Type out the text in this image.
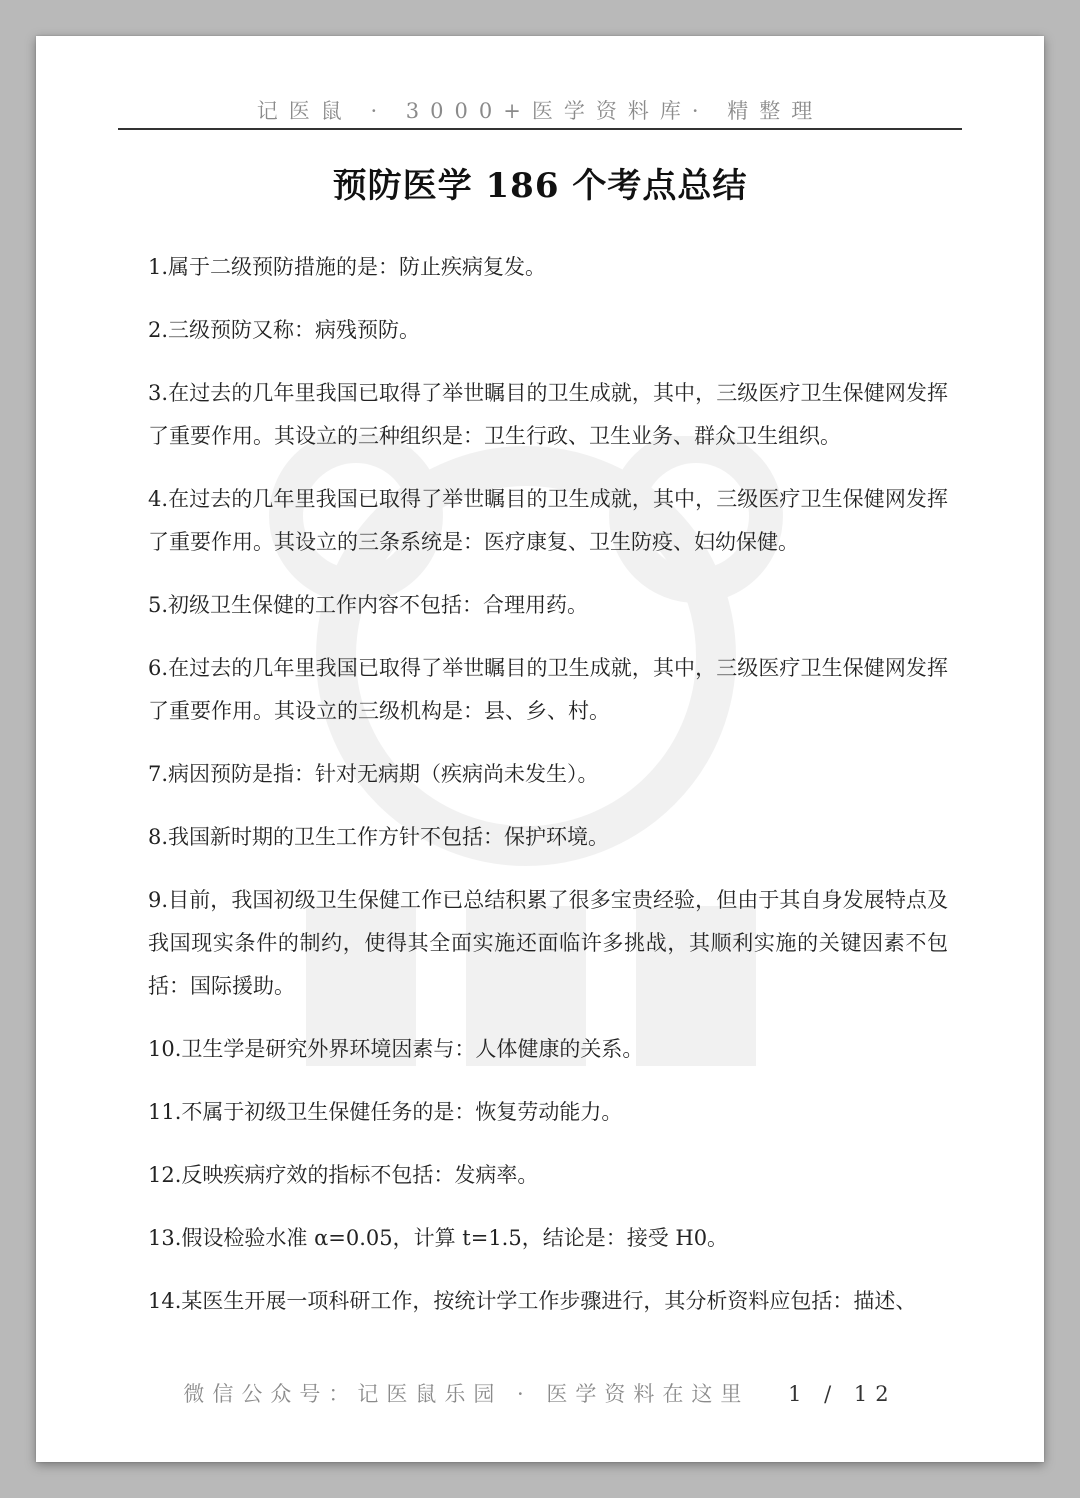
记医鼠 · 3000+医学资料库· 精整理
预防医学 186 个考点总结

1.属于二级预防措施的是：防止疾病复发。

2.三级预防又称：病残预防。

3.在过去的几年里我国已取得了举世瞩目的卫生成就，其中，三级医疗卫生保健网发挥了重要作用。其设立的三种组织是：卫生行政、卫生业务、群众卫生组织。

4.在过去的几年里我国已取得了举世瞩目的卫生成就，其中，三级医疗卫生保健网发挥了重要作用。其设立的三条系统是：医疗康复、卫生防疫、妇幼保健。

5.初级卫生保健的工作内容不包括：合理用药。

6.在过去的几年里我国已取得了举世瞩目的卫生成就，其中，三级医疗卫生保健网发挥了重要作用。其设立的三级机构是：县、乡、村。

7.病因预防是指：针对无病期（疾病尚未发生）。

8.我国新时期的卫生工作方针不包括：保护环境。

9.目前，我国初级卫生保健工作已总结积累了很多宝贵经验，但由于其自身发展特点及我国现实条件的制约，使得其全面实施还面临许多挑战，其顺利实施的关键因素不包括：国际援助。

10.卫生学是研究外界环境因素与：人体健康的关系。

11.不属于初级卫生保健任务的是：恢复劳动能力。

12.反映疾病疗效的指标不包括：发病率。

13.假设检验水准 α=0.05，计算 t=1.5，结论是：接受 H0。

14.某医生开展一项科研工作，按统计学工作步骤进行，其分析资料应包括：描述、

微信公众号：记医鼠乐园 · 医学资料在这里 1 / 12
